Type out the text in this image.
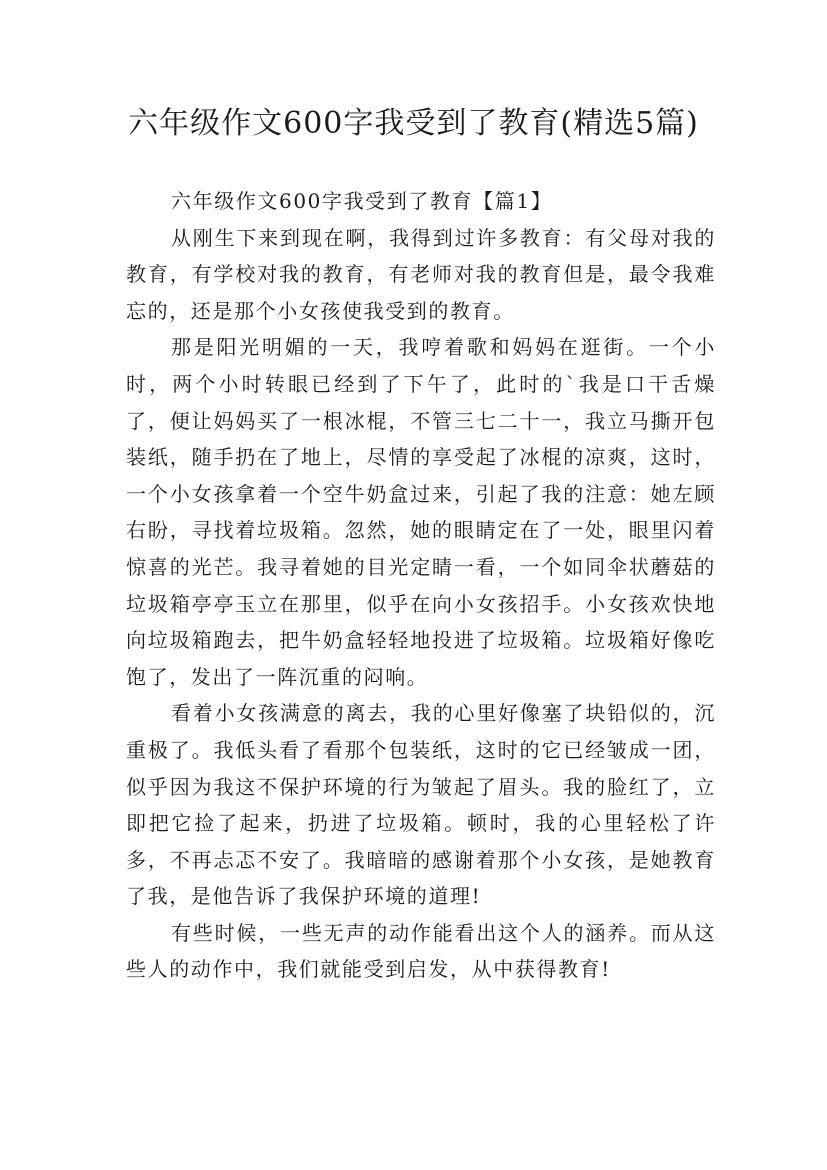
六年级作文600字我受到了教育(精选5篇)

六年级作文600字我受到了教育【篇1】

从刚生下来到现在啊，我得到过许多教育：有父母对我的教育，有学校对我的教育，有老师对我的教育但是，最令我难忘的，还是那个小女孩使我受到的教育。

那是阳光明媚的一天，我哼着歌和妈妈在逛街。一个小时，两个小时转眼已经到了下午了，此时的`我是口干舌燥了，便让妈妈买了一根冰棍，不管三七二十一，我立马撕开包装纸，随手扔在了地上，尽情的享受起了冰棍的凉爽，这时，一个小女孩拿着一个空牛奶盒过来，引起了我的注意：她左顾右盼，寻找着垃圾箱。忽然，她的眼睛定在了一处，眼里闪着惊喜的光芒。我寻着她的目光定睛一看，一个如同伞状蘑菇的垃圾箱亭亭玉立在那里，似乎在向小女孩招手。小女孩欢快地向垃圾箱跑去，把牛奶盒轻轻地投进了垃圾箱。垃圾箱好像吃饱了，发出了一阵沉重的闷响。

看着小女孩满意的离去，我的心里好像塞了块铅似的，沉重极了。我低头看了看那个包装纸，这时的它已经皱成一团，似乎因为我这不保护环境的行为皱起了眉头。我的脸红了，立即把它捡了起来，扔进了垃圾箱。顿时，我的心里轻松了许多，不再忐忑不安了。我暗暗的感谢着那个小女孩，是她教育了我，是他告诉了我保护环境的道理!

有些时候，一些无声的动作能看出这个人的涵养。而从这些人的动作中，我们就能受到启发，从中获得教育!
